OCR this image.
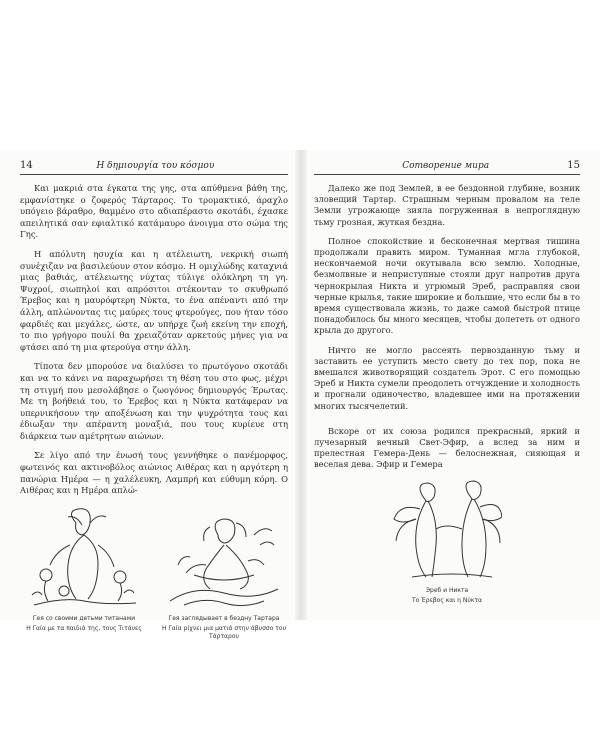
14	Η δημιουργία του κόσμου

Και μακριά στα έγκατα της γης, στα απύθμενα βάθη της, εμφανίστηκε ο ζοφερός Τάρταρος. Το τρομακτικό, άραχλο υπόγειο βάραθρο, θαμμένο στο αδιαπέραστο σκοτάδι, έχασκε απειλητικά σαν εφιαλτικό κατάμαυρο άνοιγμα στο σώμα της Γης.

Η απόλυτη ησυχία και η ατέλειωτη, νεκρική σιωπή συνέχιζαν να βασιλεύουν στον κόσμο. Η ομιχλώδης καταχνιά μιας βαθιάς, ατέλειωτης νύχτας τύλιγε ολόκληρη τη γη. Ψυχροί, σιωπηλοί και απρόσιτοι στέκονταν το σκυθρωπό Έρεβος και η μαυρόφτερη Νύκτα, το ένα απέναντι από την άλλη, απλώνοντας τις μαύρες τους φτερούγες, που ήταν τόσο φαρδιές και μεγάλες, ώστε, αν υπήρχε ζωή εκείνη την εποχή, το πιο γρήγορο πουλί θα χρειαζόταν αρκετούς μήνες για να φτάσει από τη μια φτερούγα στην άλλη.

Τίποτα δεν μπορούσε να διαλύσει το πρωτόγονο σκοτάδι και να το κάνει να παραχωρήσει τη θέση του στο φως, μέχρι τη στιγμή που μεσολάβησε ο ζωογόνος δημιουργός Έρωτας. Με τη βοήθειά του, το Έρεβος και η Νύκτα κατάφεραν να υπερνικήσουν την αποξένωση και την ψυχρότητα τους και έδιωξαν την απέραντη μοναξιά, που τους κυρίευε στη διάρκεια των αμέτρητων αιώνων.

Σε λίγο από την ένωσή τους γεννήθηκε ο πανέμορφος, φωτεινός και ακτινοβόλος αιώνιος Αιθέρας και η αργότερη η πανώρια Ημέρα — η χαλέλευκη, Λαμπρή και εύθυμη κόρη. Ο Αιθέρας και η Ημέρα απλώ-

Гея со своими детьми титанами
Η Γαία με τα παιδιά της, τους Τιτάνες
Гея заглядывает в бездну Тартара
Η Γαία ρίχνει μια ματιά στην άβυσσο του Τάρταρου
Сотворение мира	15

Далеко же под Землей, в ее бездонной глубине, возник зловещий Тартар. Страшным черным провалом на теле Земли угрожающе зияла погруженная в непроглядную тьму грозная, жуткая бездна.

Полное спокойствие и бесконечная мертвая тишина продолжали править миром. Туманная мгла глубокой, нескончаемой ночи окутывала всю землю. Холодные, безмолвные и неприступные стояли друг напротив друга чернокрылая Никта и угрюмый Эреб, расправляя свои черные крылья, такие широкие и большие, что если бы в то время существовала жизнь, то даже самой быстрой птице понадобилось бы много месяцев, чтобы долететь от одного крыла до другого.

Ничто не могло рассеять первозданную тьму и заставить ее уступить место свету до тех пор, пока не вмешался животворящий создатель Эрот. С его помощью Эреб и Никта сумели преодолеть отчуждение и холодность и прогнали одиночество, владевшее ими на протяжении многих тысячелетий.

Вскоре от их союза родился прекрасный, яркий и лучезарный вечный Свет-Эфир, а вслед за ним и прелестная Гемера-День — белоснежная, сияющая и веселая дева. Эфир и Гемера

Эреб и Никта
Το Έρεβος και η Νύκτα
